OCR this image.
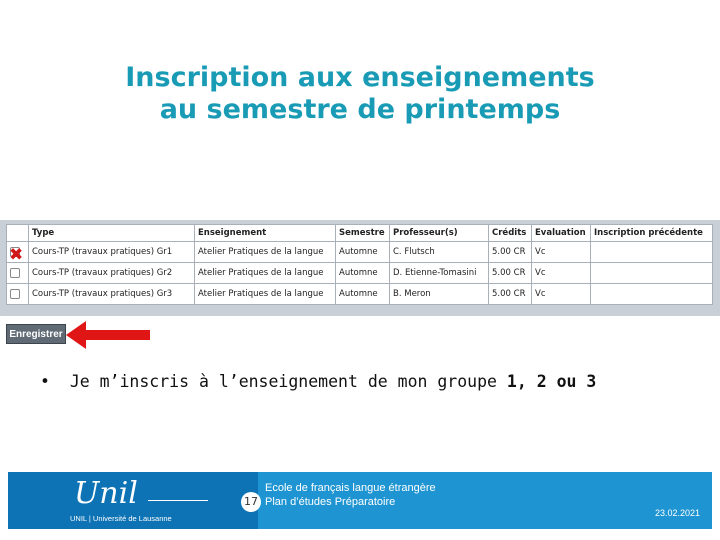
Inscription aux enseignements
au semestre de printemps
	Type	Enseignement	Semestre	Professeur(s)	Crédits	Evaluation	Inscription précédente
	Cours-TP (travaux pratiques) Gr1	Atelier Pratiques de la langue	Automne	C. Flutsch	5.00 CR	Vc	
	Cours-TP (travaux pratiques) Gr2	Atelier Pratiques de la langue	Automne	D. Etienne-Tomasini	5.00 CR	Vc	
	Cours-TP (travaux pratiques) Gr3	Atelier Pratiques de la langue	Automne	B. Meron	5.00 CR	Vc	
✖
Enregistrer
•  Je m’inscris à l’enseignement de mon groupe 1, 2 ou 3
Unil
UNIL | Université de Lausanne
17
Ecole de français langue étrangère
Plan d’études Préparatoire
23.02.2021
